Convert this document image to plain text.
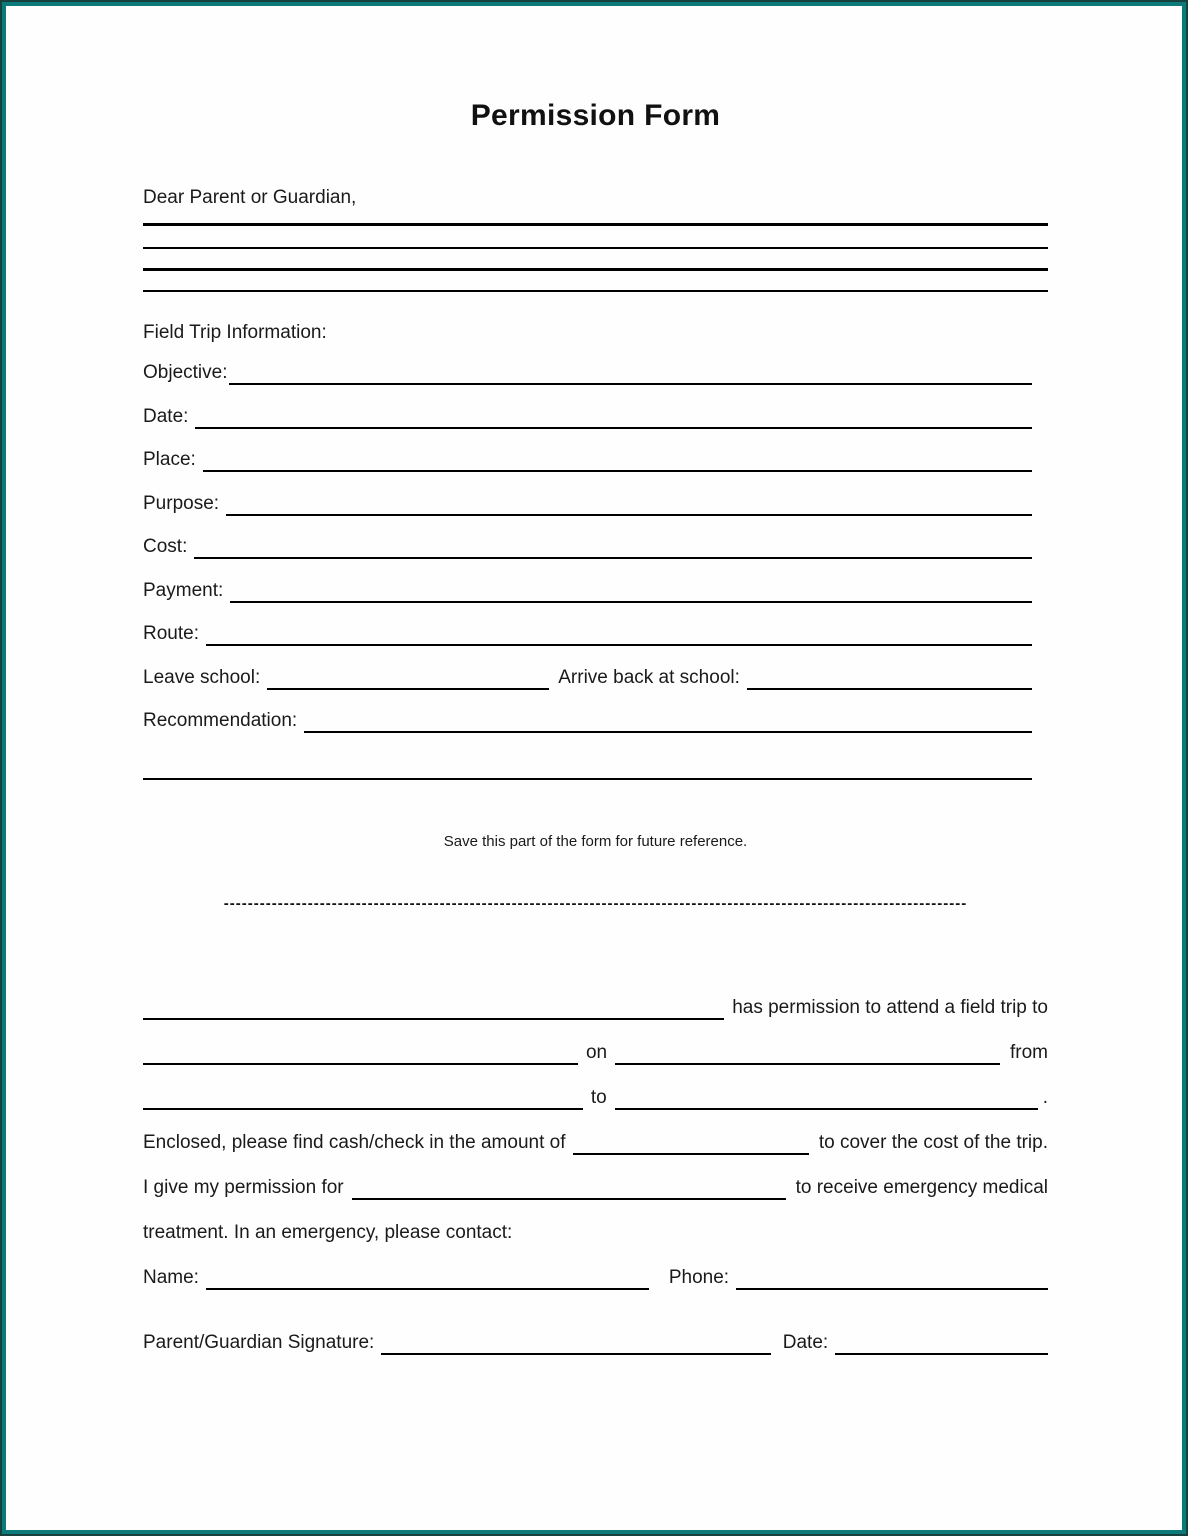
Permission Form

Dear Parent or Guardian,

Field Trip Information:

Objective:
Date:
Place:
Purpose:
Cost:
Payment:
Route:
Leave school:	Arrive back at school:
Recommendation:

Save this part of the form for future reference.

----------------------------------------------------------------------------------------------------------------------------
has permission to attend a field trip to
on	from
to	.
Enclosed, please find cash/check in the amount of	to cover the cost of the trip.
I give my permission for	to receive emergency medical
treatment. In an emergency, please contact:
Name:	Phone:
Parent/Guardian Signature:	Date:
